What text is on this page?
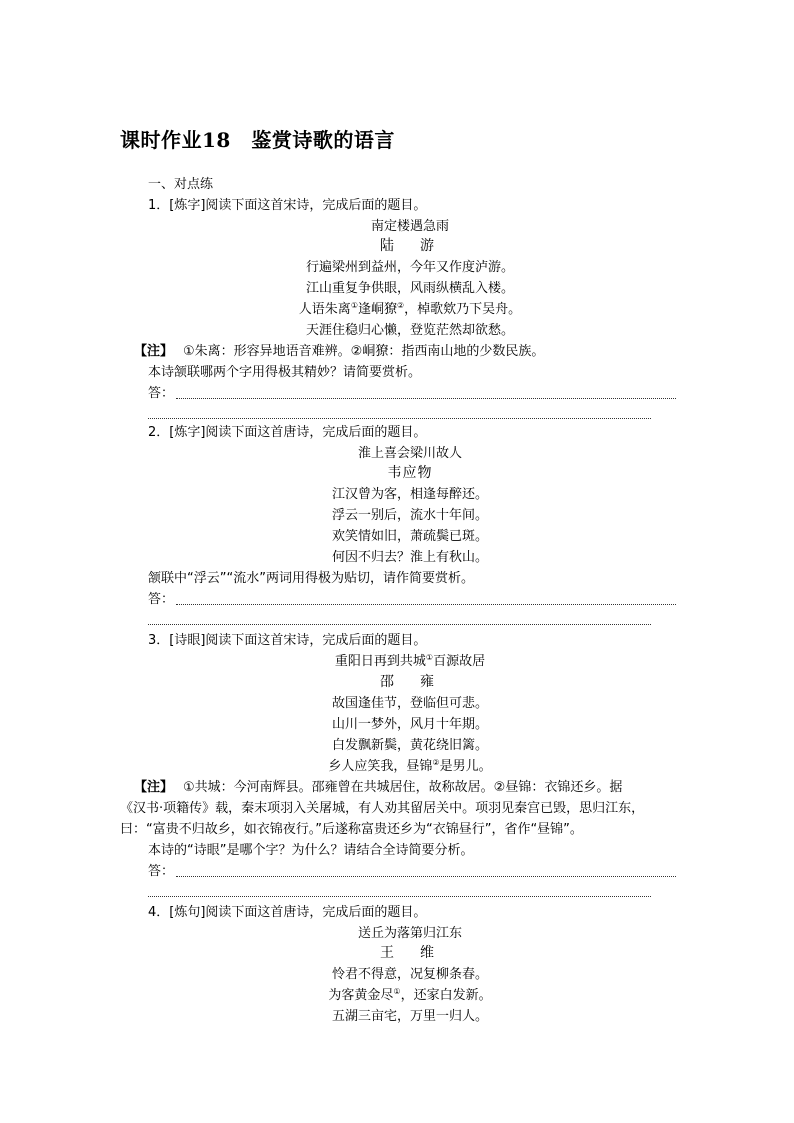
课时作业18　鉴赏诗歌的语言
一、对点练
1．[炼字]阅读下面这首宋诗，完成后面的题目。
南定楼遇急雨
陆　游
行遍梁州到益州，今年又作度泸游。
江山重复争供眼，风雨纵横乱入楼。
人语朱离①逢峒獠②，棹歌欸乃下吴舟。
天涯住稳归心懒，登览茫然却欲愁。
【注】 ①朱离：形容异地语音难辨。②峒獠：指西南山地的少数民族。
本诗颔联哪两个字用得极其精妙？请简要赏析。
答：
2．[炼字]阅读下面这首唐诗，完成后面的题目。
淮上喜会梁川故人
韦应物
江汉曾为客，相逢每醉还。
浮云一别后，流水十年间。
欢笑情如旧，萧疏鬓已斑。
何因不归去？淮上有秋山。
颔联中“浮云”“流水”两词用得极为贴切，请作简要赏析。
答：
3．[诗眼]阅读下面这首宋诗，完成后面的题目。
重阳日再到共城①百源故居
邵　雍
故国逢佳节，登临但可悲。
山川一梦外，风月十年期。
白发飘新鬓，黄花绕旧篱。
乡人应笑我，昼锦②是男儿。
【注】 ①共城：今河南辉县。邵雍曾在共城居住，故称故居。②昼锦：衣锦还乡。据
《汉书·项籍传》载，秦末项羽入关屠城，有人劝其留居关中。项羽见秦宫已毁，思归江东，
曰：“富贵不归故乡，如衣锦夜行。”后遂称富贵还乡为“衣锦昼行”，省作“昼锦”。
本诗的“诗眼”是哪个字？为什么？请结合全诗简要分析。
答：
4．[炼句]阅读下面这首唐诗，完成后面的题目。
送丘为落第归江东
王　维
怜君不得意，况复柳条春。
为客黄金尽①，还家白发新。
五湖三亩宅，万里一归人。
